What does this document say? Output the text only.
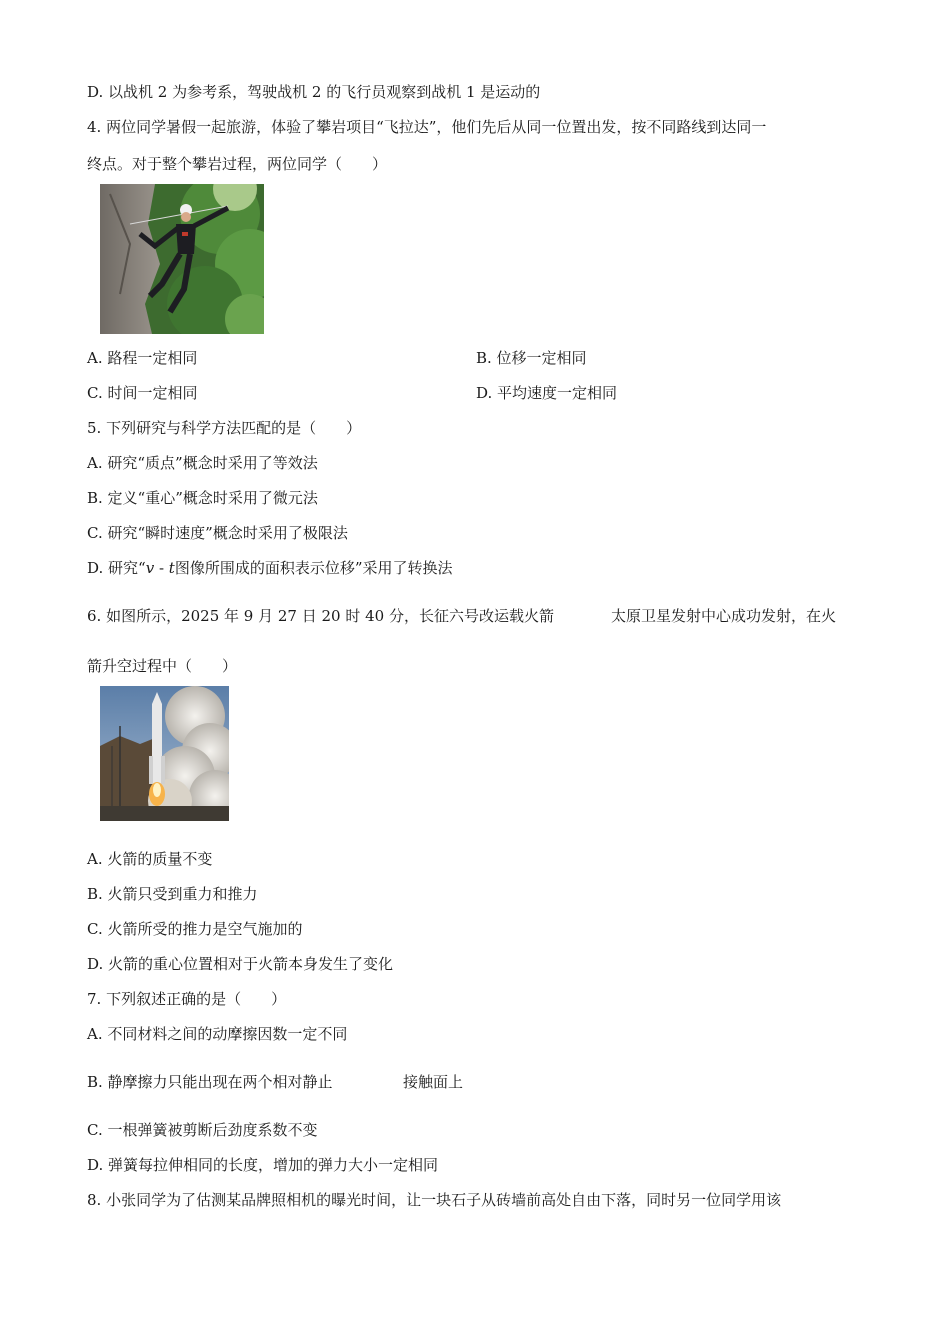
D. 以战机 2 为参考系，驾驶战机 2 的飞行员观察到战机 1 是运动的
4. 两位同学暑假一起旅游，体验了攀岩项目“飞拉达”，他们先后从同一位置出发，按不同路线到达同一
终点。对于整个攀岩过程，两位同学（　　）
A. 路程一定相同	B. 位移一定相同
C. 时间一定相同	D. 平均速度一定相同
5. 下列研究与科学方法匹配的是（　　）
A. 研究“质点”概念时采用了等效法
B. 定义“重心”概念时采用了微元法
C. 研究“瞬时速度”概念时采用了极限法
D. 研究“v - t图像所围成的面积表示位移”采用了转换法
6. 如图所示，2025 年 9 月 27 日 20 时 40 分，长征六号改运载火箭	太原卫星发射中心成功发射，在火
箭升空过程中（　　）
A. 火箭的质量不变
B. 火箭只受到重力和推力
C. 火箭所受的推力是空气施加的
D. 火箭的重心位置相对于火箭本身发生了变化
7. 下列叙述正确的是（　　）
A. 不同材料之间的动摩擦因数一定不同
B. 静摩擦力只能出现在两个相对静止	接触面上
C. 一根弹簧被剪断后劲度系数不变
D. 弹簧每拉伸相同的长度，增加的弹力大小一定相同
8. 小张同学为了估测某品牌照相机的曝光时间，让一块石子从砖墙前高处自由下落，同时另一位同学用该
